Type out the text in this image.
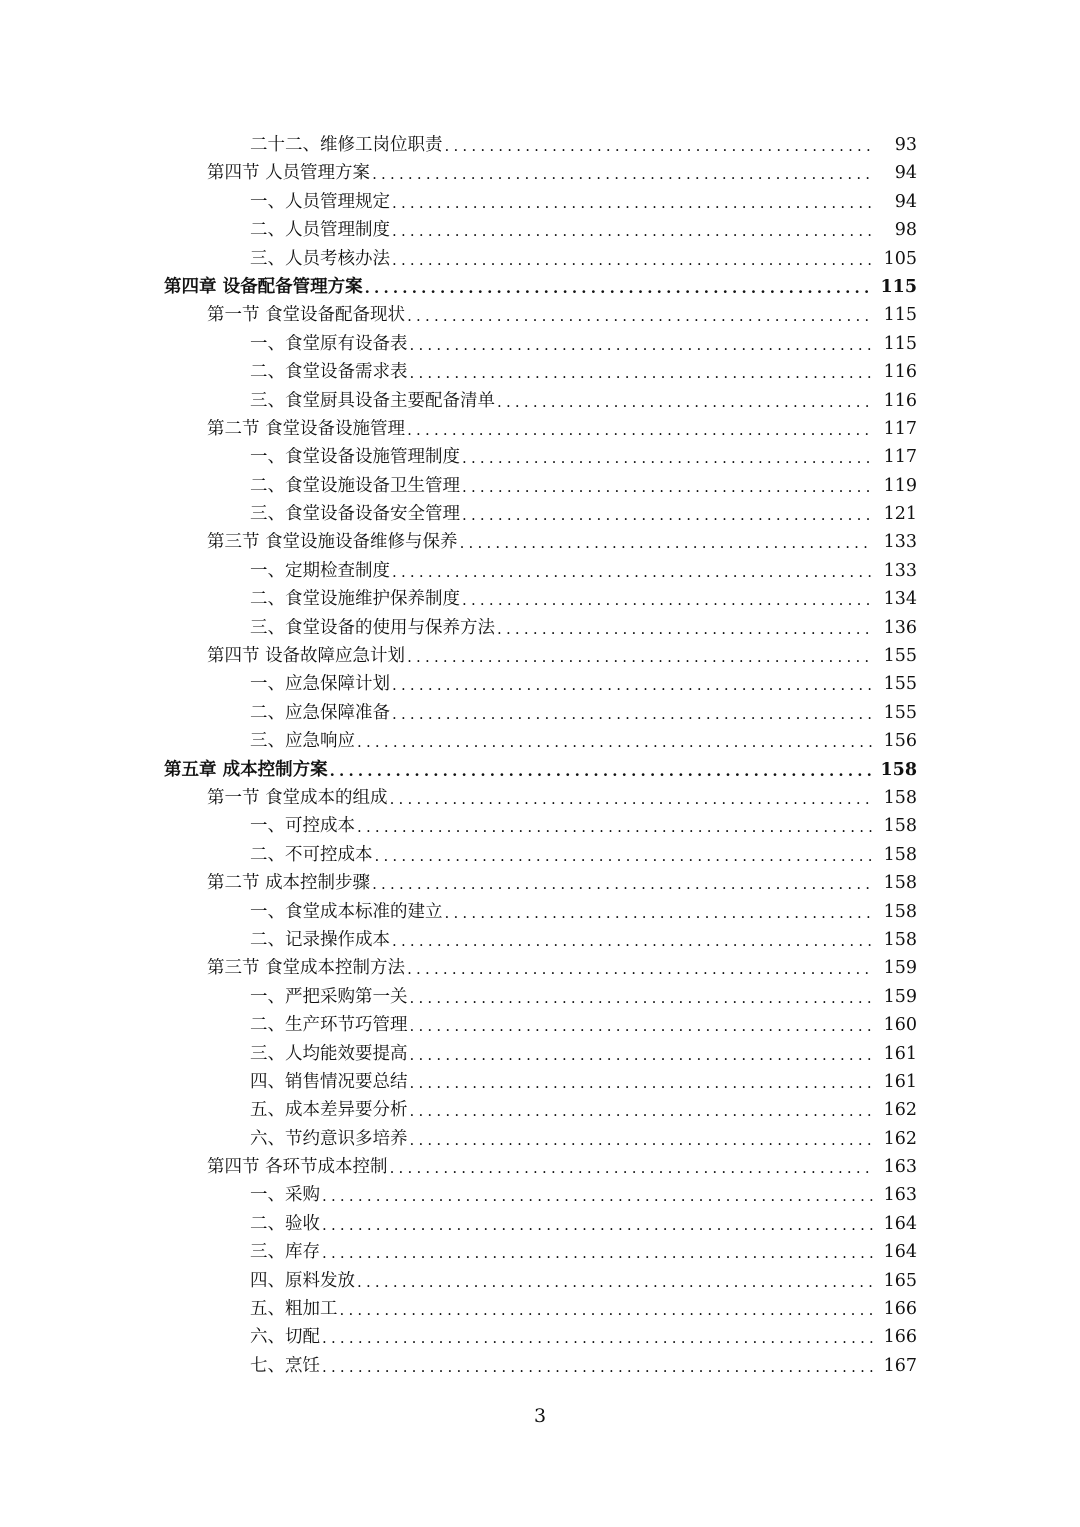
二十二、维修工岗位职责 .....	93
第四节 人员管理方案 .....	94
一、人员管理规定 .....	94
二、人员管理制度 .....	98
三、人员考核办法 .....	105
第四章 设备配备管理方案 .....	115
第一节 食堂设备配备现状 .....	115
一、食堂原有设备表 .....	115
二、食堂设备需求表 .....	116
三、食堂厨具设备主要配备清单 .....	116
第二节 食堂设备设施管理 .....	117
一、食堂设备设施管理制度 .....	117
二、食堂设施设备卫生管理 .....	119
三、食堂设备设备安全管理 .....	121
第三节 食堂设施设备维修与保养 .....	133
一、定期检查制度 .....	133
二、食堂设施维护保养制度 .....	134
三、食堂设备的使用与保养方法 .....	136
第四节 设备故障应急计划 .....	155
一、应急保障计划 .....	155
二、应急保障准备 .....	155
三、应急响应 .....	156
第五章 成本控制方案 .....	158
第一节 食堂成本的组成 .....	158
一、可控成本 .....	158
二、不可控成本 .....	158
第二节 成本控制步骤 .....	158
一、食堂成本标准的建立 .....	158
二、记录操作成本 .....	158
第三节 食堂成本控制方法 .....	159
一、严把采购第一关 .....	159
二、生产环节巧管理 .....	160
三、人均能效要提高 .....	161
四、销售情况要总结 .....	161
五、成本差异要分析 .....	162
六、节约意识多培养 .....	162
第四节 各环节成本控制 .....	163
一、采购 .....	163
二、验收 .....	164
三、库存 .....	164
四、原料发放 .....	165
五、粗加工 .....	166
六、切配 .....	166
七、烹饪 .....	167
3
